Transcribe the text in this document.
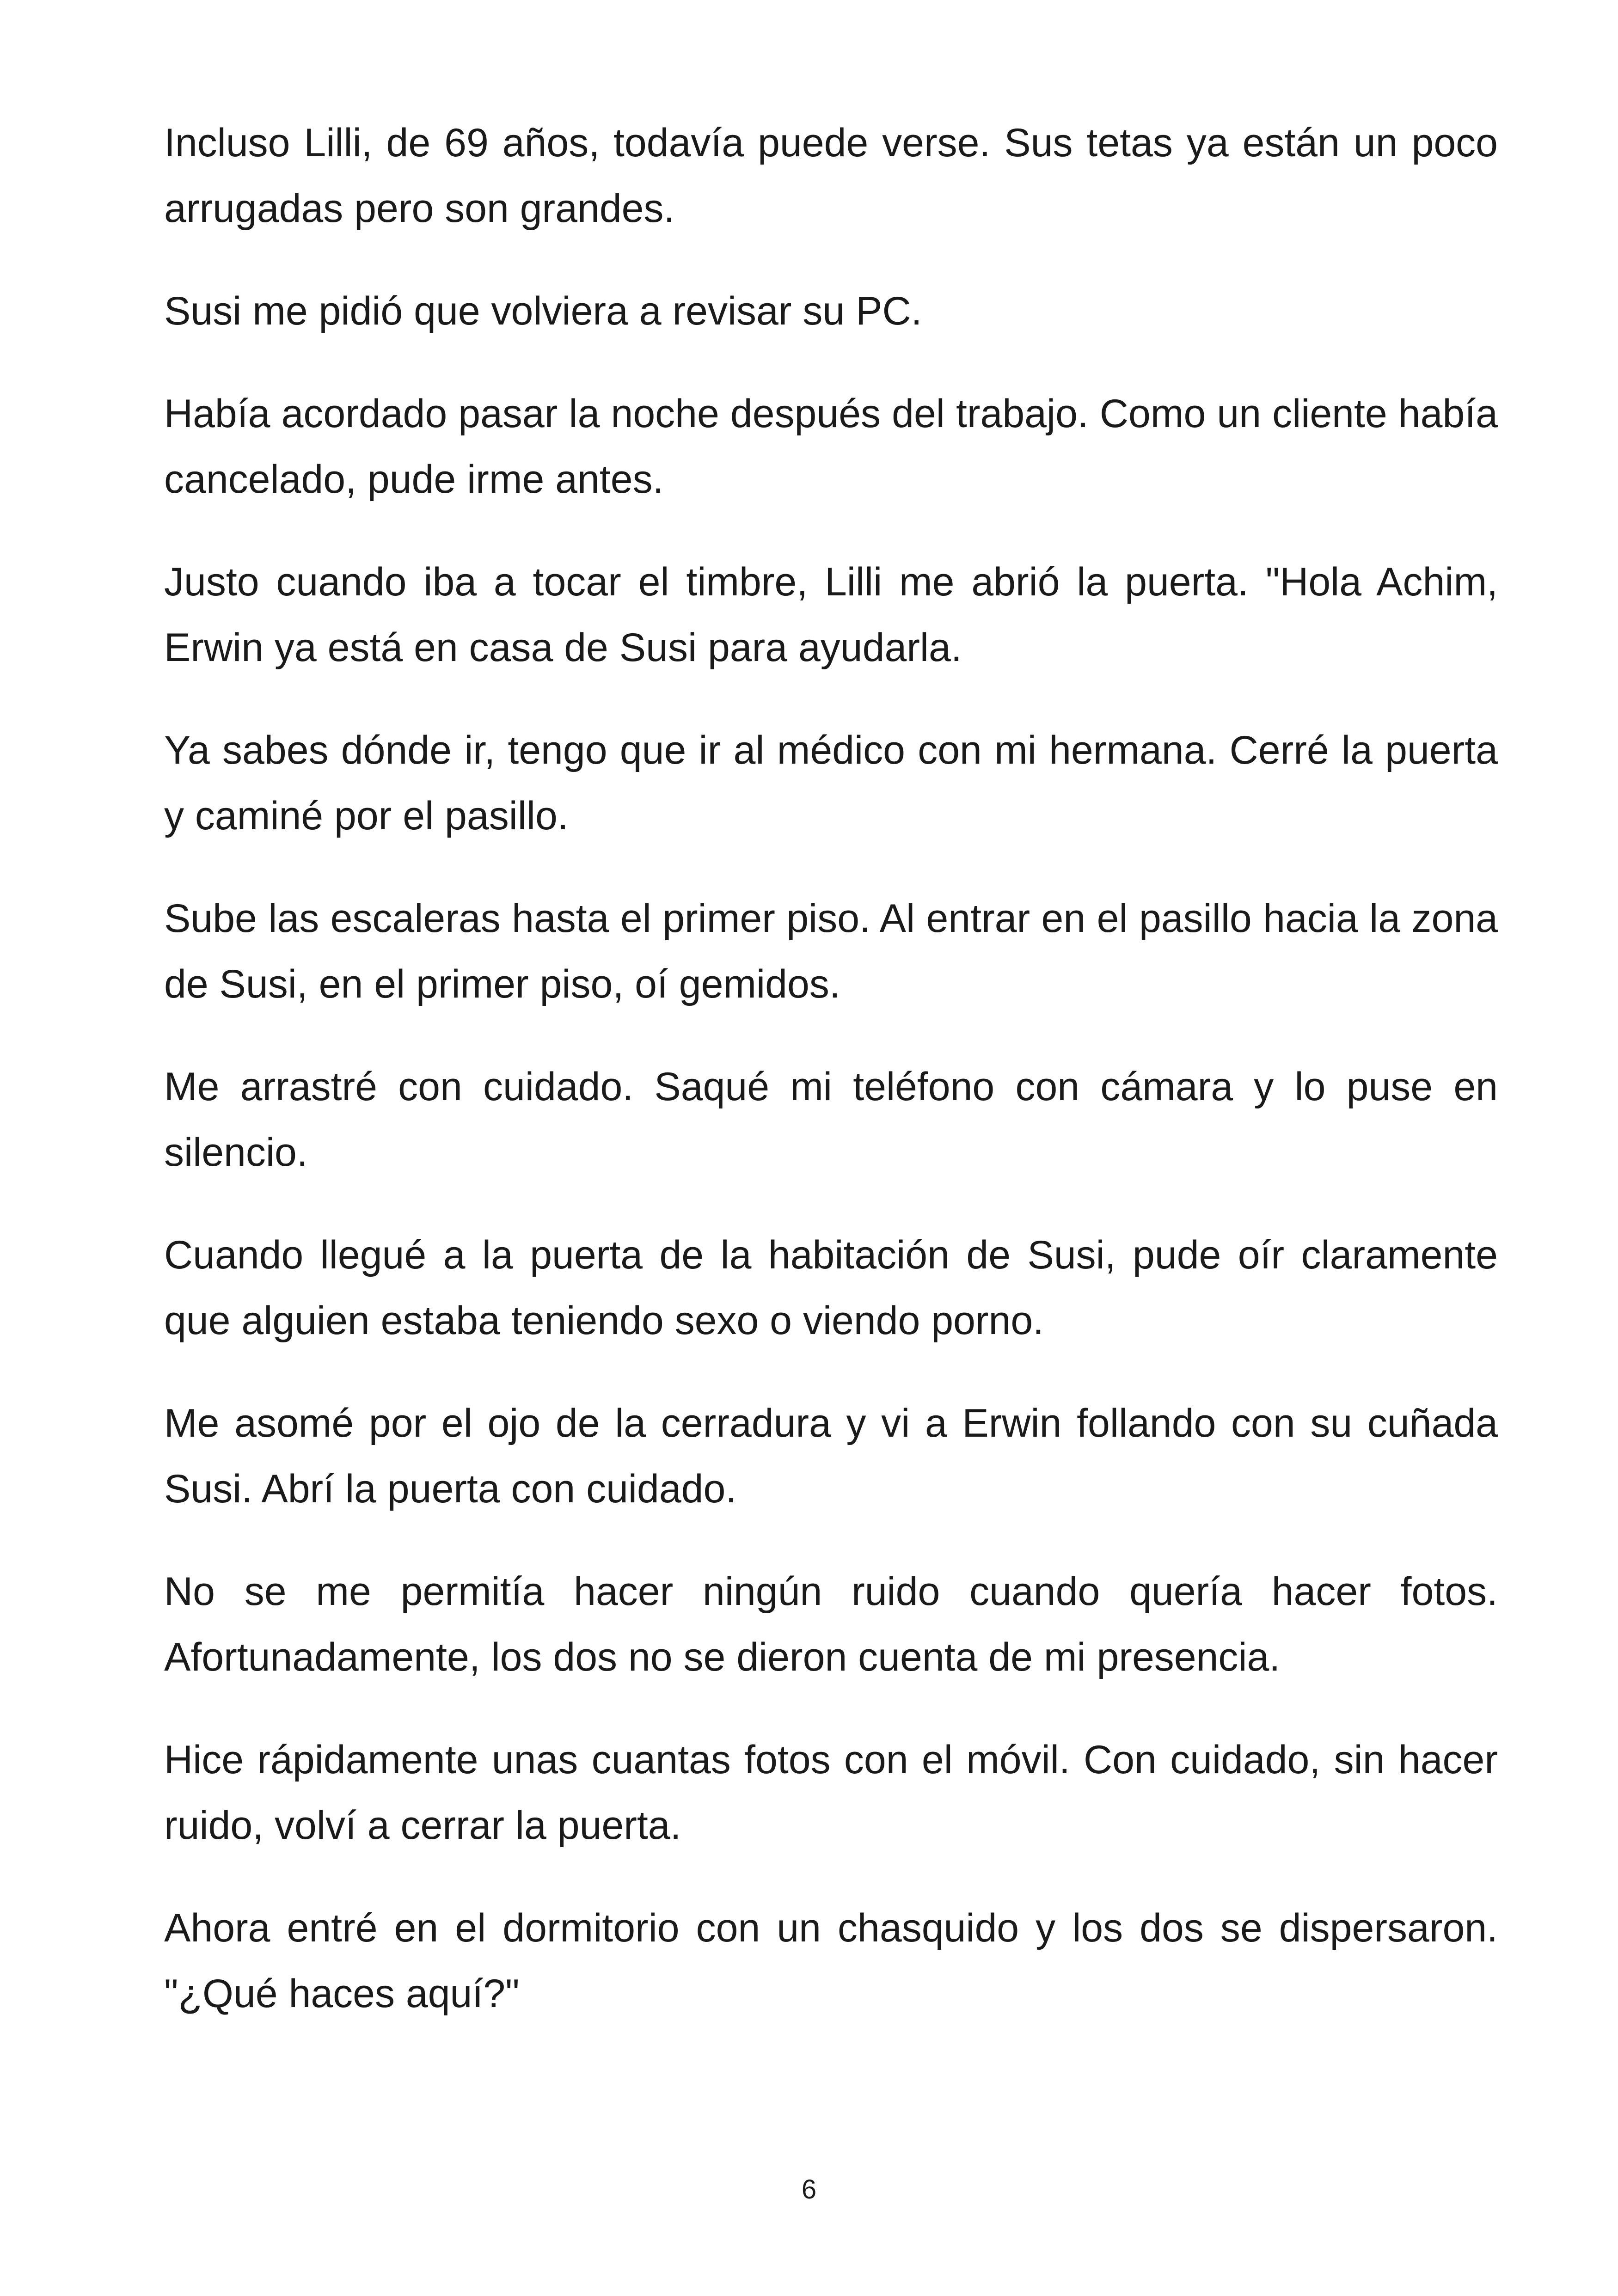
Incluso Lilli, de 69 años, todavía puede verse. Sus tetas ya están un poco arrugadas pero son grandes.

Susi me pidió que volviera a revisar su PC.

Había acordado pasar la noche después del trabajo. Como un cliente había cancelado, pude irme antes.

Justo cuando iba a tocar el timbre, Lilli me abrió la puerta. "Hola Achim, Erwin ya está en casa de Susi para ayudarla.

Ya sabes dónde ir, tengo que ir al médico con mi hermana. Cerré la puerta y caminé por el pasillo.

Sube las escaleras hasta el primer piso. Al entrar en el pasillo hacia la zona de Susi, en el primer piso, oí gemidos.

Me arrastré con cuidado. Saqué mi teléfono con cámara y lo puse en silencio.

Cuando llegué a la puerta de la habitación de Susi, pude oír claramente que alguien estaba teniendo sexo o viendo porno.

Me asomé por el ojo de la cerradura y vi a Erwin follando con su cuñada Susi. Abrí la puerta con cuidado.

No se me permitía hacer ningún ruido cuando quería hacer fotos. Afortunadamente, los dos no se dieron cuenta de mi presencia.

Hice rápidamente unas cuantas fotos con el móvil. Con cuidado, sin hacer ruido, volví a cerrar la puerta.

Ahora entré en el dormitorio con un chasquido y los dos se dispersaron. "¿Qué haces aquí?"

6
